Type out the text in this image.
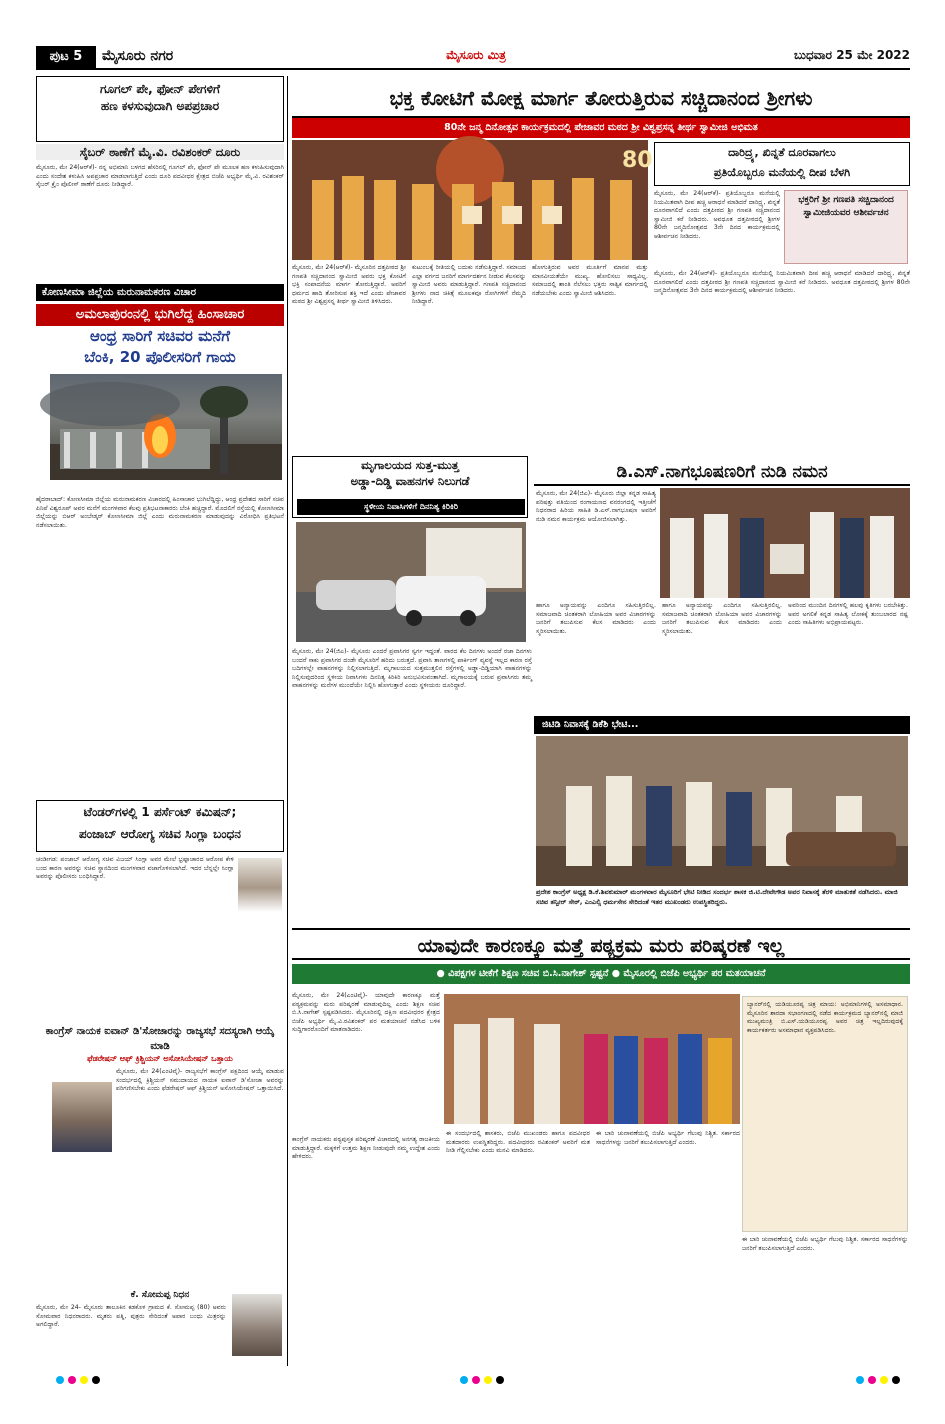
ಪುಟ 5	ಮೈಸೂರು ನಗರ	ಮೈಸೂರು ಮಿತ್ರ	ಬುಧವಾರ 25 ಮೇ 2022
ಗೂಗಲ್ ಪೇ, ಫೋನ್ ಪೇಗಳಿಗೆ
ಹಣ ಕಳಸುವುದಾಗಿ ಅಪಪ್ರಚಾರ
ಸೈಬರ್ ಠಾಣೆಗೆ ಮೈ.ವಿ. ರವಿಶಂಕರ್ ದೂರು
ಮೈಸೂರು, ಮೇ 24(ಆರ್‌ಕೆ)- ನನ್ನ ಅಭಿಮಾನಿ ಬಳಗದ ಹೆಸರಿನಲ್ಲಿ ಗೂಗಲ್ ಪೇ, ಫೋನ್ ಪೇ ಮೂಲಕ ಹಣ ಕಳುಹಿಸುವುದಾಗಿ ಎಂದು ಸಂದೇಶ ಕಳುಹಿಸಿ ಅಪಪ್ರಚಾರ ಮಾಡಲಾಗುತ್ತಿದೆ ಎಂದು ದೂರಿ ಪದವೀಧರ ಕ್ಷೇತ್ರದ ಬಿಜೆಪಿ ಅಭ್ಯರ್ಥಿ ಮೈ.ವಿ. ರವಿಶಂಕರ್ ಸೈಬರ್ ಕ್ರೈಂ ಪೊಲೀಸ್ ಠಾಣೆಗೆ ದೂರು ನೀಡಿದ್ದಾರೆ.
ಕೋಣಸೀಮಾ ಜಿಲ್ಲೆಯ ಮರುನಾಮಕರಣ ವಿಚಾರ
ಅಮಲಾಪುರಂನಲ್ಲಿ ಭುಗಿಲೆದ್ದ ಹಿಂಸಾಚಾರ
ಆಂಧ್ರ ಸಾರಿಗೆ ಸಚಿವರ ಮನೆಗೆ
ಬೆಂಕಿ, 20 ಪೊಲೀಸರಿಗೆ ಗಾಯ
ಹೈದರಾಬಾದ್: ಕೋಣಸೀಮಾ ಜಿಲ್ಲೆಯ ಮರುನಾಮಕರಣ ವಿಚಾರದಲ್ಲಿ ಹಿಂಸಾಚಾರ ಭುಗಿಲೆದ್ದಿದ್ದು, ಆಂಧ್ರ ಪ್ರದೇಶದ ಸಾರಿಗೆ ಸಚಿವ ಪಿನಿಪೆ ವಿಶ್ವರೂಪ್ ಅವರ ಮನೆಗೆ ಮಂಗಳವಾರ ಕೆಲವು ಪ್ರತಿಭಟನಾಕಾರರು ಬೆಂಕಿ ಹಚ್ಚಿದ್ದಾರೆ. ಮೊದಲಿಗೆ ರಸ್ತೆಯಲ್ಲಿ ಕೋಣಸೀಮಾ ಜಿಲ್ಲೆಯನ್ನು ಬಿಆರ್ ಅಂಬೇಡ್ಕರ್ ಕೋಣಸೀಮಾ ಜಿಲ್ಲೆ ಎಂದು ಮರುನಾಮಕರಣ ಮಾಡುವುದನ್ನು ವಿರೋಧಿಸಿ ಪ್ರತಿಭಟನೆ ನಡೆಸಲಾಯಿತು.
ಟೆಂಡರ್‌ಗಳಲ್ಲಿ 1 ಪರ್ಸೆಂಟ್ ಕಮಿಷನ್;
ಪಂಜಾಬ್ ಆರೋಗ್ಯ ಸಚಿವ ಸಿಂಗ್ಲಾ ಬಂಧನ
ಚಂಡೀಗಡ: ಪಂಜಾಬ್ ಆರೋಗ್ಯ ಸಚಿವ ವಿಜಯ್ ಸಿಂಗ್ಲಾ ಅವರ ಮೇಲೆ ಭ್ರಷ್ಟಾಚಾರದ ಆರೋಪ ಕೇಳಿ ಬಂದ ಕಾರಣ ಅವರನ್ನು ಸಚಿವ ಸ್ಥಾನದಿಂದ ಮಂಗಳವಾರ ವಜಾಗೊಳಿಸಲಾಗಿದೆ. ಇದರ ಬೆನ್ನಲ್ಲೇ ಸಿಂಗ್ಲಾ ಅವರನ್ನು ಪೊಲೀಸರು ಬಂಧಿಸಿದ್ದಾರೆ.
ಕಾಂಗ್ರೆಸ್ ನಾಯಕ ಐವಾನ್ ಡಿ'ಸೋಜಾರನ್ನು ರಾಜ್ಯಸಭೆ ಸದಸ್ಯರಾಗಿ ಆಯ್ಕೆ ಮಾಡಿ
ಫೆಡರೇಷನ್ ಆಫ್ ಕ್ರಿಶ್ಚಿಯನ್ ಅಸೋಸಿಯೇಷನ್ ಒತ್ತಾಯ
ಮೈಸೂರು, ಮೇ 24(ಎಂಟಿವೈ)- ರಾಜ್ಯಸಭೆಗೆ ಕಾಂಗ್ರೆಸ್ ಪಕ್ಷದಿಂದ ಆಯ್ಕೆ ಮಾಡುವ ಸಂದರ್ಭದಲ್ಲಿ ಕ್ರಿಶ್ಚಿಯನ್ ಸಮುದಾಯದ ನಾಯಕ ಐವಾನ್ ಡಿ'ಸೋಜಾ ಅವರನ್ನು ಪರಿಗಣಿಸಬೇಕು ಎಂದು ಫೆಡರೇಷನ್ ಆಫ್ ಕ್ರಿಶ್ಚಿಯನ್ ಅಸೋಸಿಯೇಷನ್ ಒತ್ತಾಯಿಸಿದೆ.
ಕೆ. ಸೋಮಪ್ಪ ನಿಧನ
ಮೈಸೂರು, ಮೇ 24- ಮೈಸೂರು ತಾಲೂಕಿನ ಕಡಕೊಳ ಗ್ರಾಮದ ಕೆ. ಸೋಮಪ್ಪ (80) ಅವರು ಸೋಮವಾರ ನಿಧನರಾದರು. ಮೃತರು ಪತ್ನಿ, ಪುತ್ರರು ಸೇರಿದಂತೆ ಅಪಾರ ಬಂಧು ಮಿತ್ರರನ್ನು ಅಗಲಿದ್ದಾರೆ.
ಭಕ್ತ ಕೋಟಿಗೆ ಮೋಕ್ಷ ಮಾರ್ಗ ತೋರುತ್ತಿರುವ ಸಚ್ಚಿದಾನಂದ ಶ್ರೀಗಳು
80ನೇ ಜನ್ಮ ದಿನೋತ್ಸವ ಕಾರ್ಯಕ್ರಮದಲ್ಲಿ ಪೇಜಾವರ ಮಠದ ಶ್ರೀ ವಿಶ್ವಪ್ರಸನ್ನ ತೀರ್ಥ ಸ್ವಾಮೀಜಿ ಅಭಿಮತ
80
ಮೈಸೂರು, ಮೇ 24(ಆರ್‌ಕೆ)- ಮೈಸೂರಿನ ದತ್ತಪೀಠದ ಶ್ರೀ ಗಣಪತಿ ಸಚ್ಚಿದಾನಂದ ಸ್ವಾಮೀಜಿ ಅವರು ಭಕ್ತ ಕೋಟಿಗೆ ಭಕ್ತಿ ಸಂಪಾದನೆಯ ಮಾರ್ಗ ತೋರುತ್ತಿದ್ದಾರೆ. ಅವರಿಗೆ ಧರ್ಮದ ಹಾದಿ ತೋರಿಸುವ ಶಕ್ತಿ ಇದೆ ಎಂದು ಪೇಜಾವರ ಮಠದ ಶ್ರೀ ವಿಶ್ವಪ್ರಸನ್ನ ತೀರ್ಥ ಸ್ವಾಮೀಜಿ ತಿಳಿಸಿದರು.
ಕುಟುಂಬಕ್ಕೆ ರೀತಿಯಲ್ಲಿ ಬದುಕು ನಡೆಸುತ್ತಿದ್ದಾರೆ. ಸಮಾಜದ ಎಲ್ಲಾ ವರ್ಗದ ಜನರಿಗೆ ಮಾರ್ಗದರ್ಶನ ನೀಡುವ ಕೆಲಸವನ್ನು ಸ್ವಾಮೀಜಿ ಅವರು ಮಾಡುತ್ತಿದ್ದಾರೆ. ಗಣಪತಿ ಸಚ್ಚಿದಾನಂದ ಶ್ರೀಗಳು ನಾದ ಚಿಕಿತ್ಸೆ ಮೂಲಕವೂ ರೋಗಿಗಳಿಗೆ ನೆಮ್ಮದಿ ನೀಡಿದ್ದಾರೆ.
ಹೋಗುತ್ತಿರುವ ಅವರ ಮೂರ್ತಿಗೆ ಮಾನವ ಮತ್ತು ಮಾನವೀಯತೆಯೇ ಮುಖ್ಯ. ಹೋಲಿಸಲು ಸಾಧ್ಯವಿಲ್ಲ. ಸಮಾಜದಲ್ಲಿ ಶಾಂತಿ ನೆಲೆಸಲು ಭಕ್ತರು ಸಾತ್ವಿಕ ಮಾರ್ಗದಲ್ಲಿ ನಡೆಯಬೇಕು ಎಂದು ಸ್ವಾಮೀಜಿ ಆಶಿಸಿದರು.
ದಾರಿದ್ರ್ಯ, ಖಿನ್ನತೆ ದೂರವಾಗಲು
ಪ್ರತಿಯೊಬ್ಬರೂ ಮನೆಯಲ್ಲಿ ದೀಪ ಬೆಳಗಿ
ಭಕ್ತರಿಗೆ ಶ್ರೀ ಗಣಪತಿ ಸಚ್ಚಿದಾನಂದ ಸ್ವಾಮೀಜಿಯವರ ಆಶೀರ್ವಚನ
ಮೈಸೂರು, ಮೇ 24(ಆರ್‌ಕೆ)- ಪ್ರತಿಯೊಬ್ಬರೂ ಮನೆಯಲ್ಲಿ ನಿಯಮಿತವಾಗಿ ದೀಪ ಹಚ್ಚಿ ಆರಾಧನೆ ಮಾಡಿದರೆ ದಾರಿದ್ರ್ಯ, ಖಿನ್ನತೆ ದೂರವಾಗಲಿದೆ ಎಂದು ದತ್ತಪೀಠದ ಶ್ರೀ ಗಣಪತಿ ಸಚ್ಚಿದಾನಂದ ಸ್ವಾಮೀಜಿ ಕರೆ ನೀಡಿದರು. ಅವಧೂತ ದತ್ತಪೀಠದಲ್ಲಿ ಶ್ರೀಗಳ 80ನೇ ಜನ್ಮದಿನೋತ್ಸವದ 3ನೇ ದಿನದ ಕಾರ್ಯಕ್ರಮದಲ್ಲಿ ಆಶೀರ್ವಚನ ನೀಡಿದರು.
ಮೈಸೂರು, ಮೇ 24(ಆರ್‌ಕೆ)- ಪ್ರತಿಯೊಬ್ಬರೂ ಮನೆಯಲ್ಲಿ ನಿಯಮಿತವಾಗಿ ದೀಪ ಹಚ್ಚಿ ಆರಾಧನೆ ಮಾಡಿದರೆ ದಾರಿದ್ರ್ಯ, ಖಿನ್ನತೆ ದೂರವಾಗಲಿದೆ ಎಂದು ದತ್ತಪೀಠದ ಶ್ರೀ ಗಣಪತಿ ಸಚ್ಚಿದಾನಂದ ಸ್ವಾಮೀಜಿ ಕರೆ ನೀಡಿದರು. ಅವಧೂತ ದತ್ತಪೀಠದಲ್ಲಿ ಶ್ರೀಗಳ 80ನೇ ಜನ್ಮದಿನೋತ್ಸವದ 3ನೇ ದಿನದ ಕಾರ್ಯಕ್ರಮದಲ್ಲಿ ಆಶೀರ್ವಚನ ನೀಡಿದರು.
ಮೃಗಾಲಯದ ಸುತ್ತ-ಮುತ್ತ
ಅಡ್ಡಾ-ದಿಡ್ಡಿ ವಾಹನಗಳ ನಿಲುಗಡೆ
ಸ್ಥಳೀಯ ನಿವಾಸಿಗಳಿಗೆ ದಿನನಿತ್ಯ ಕಿರಿಕಿರಿ
ಮೈಸೂರು, ಮೇ 24(ಜಿಎ)- ಮೈಸೂರು ಎಂದರೆ ಪ್ರವಾಸಿಗರ ಸ್ವರ್ಗ ಇದ್ದಂತೆ. ವಾರದ ಕೆಲ ದಿನಗಳು ಅಂದರೆ ರಜಾ ದಿನಗಳು ಬಂದರೆ ಸಾಕು ಪ್ರವಾಸಿಗರ ದಂಡೇ ಮೈಸೂರಿಗೆ ಹರಿದು ಬರುತ್ತದೆ. ಪ್ರವಾಸಿ ತಾಣಗಳಲ್ಲಿ ಪಾರ್ಕಿಂಗ್ ವ್ಯವಸ್ಥೆ ಇಲ್ಲದ ಕಾರಣ ರಸ್ತೆ ಬದಿಗಳಲ್ಲೇ ವಾಹನಗಳನ್ನು ನಿಲ್ಲಿಸಲಾಗುತ್ತಿದೆ. ಮೃಗಾಲಯದ ಸುತ್ತಮುತ್ತಲಿನ ರಸ್ತೆಗಳಲ್ಲಿ ಅಡ್ಡಾ-ದಿಡ್ಡಿಯಾಗಿ ವಾಹನಗಳನ್ನು ನಿಲ್ಲಿಸುವುದರಿಂದ ಸ್ಥಳೀಯ ನಿವಾಸಿಗಳು ದಿನನಿತ್ಯ ಕಿರಿಕಿರಿ ಅನುಭವಿಸುವಂತಾಗಿದೆ. ಮೃಗಾಲಯಕ್ಕೆ ಬರುವ ಪ್ರವಾಸಿಗರು ತಮ್ಮ ವಾಹನಗಳನ್ನು ಮನೆಗಳ ಮುಂದೆಯೇ ನಿಲ್ಲಿಸಿ ಹೋಗುತ್ತಾರೆ ಎಂದು ಸ್ಥಳೀಯರು ದೂರಿದ್ದಾರೆ.
ಡಿ.ಎಸ್.ನಾಗಭೂಷಣರಿಗೆ ನುಡಿ ನಮನ
ಮೈಸೂರು, ಮೇ 24(ಜಿಎ)- ಮೈಸೂರು ಜಿಲ್ಲಾ ಕನ್ನಡ ಸಾಹಿತ್ಯ ಪರಿಷತ್ತು ವತಿಯಿಂದ ರಂಗಾಯಣದ ವನರಂಗದಲ್ಲಿ ಇತ್ತೀಚೆಗೆ ನಿಧನರಾದ ಹಿರಿಯ ಸಾಹಿತಿ ಡಿ.ಎಸ್.ನಾಗಭೂಷಣ ಅವರಿಗೆ ನುಡಿ ನಮನ ಕಾರ್ಯಕ್ರಮ ಆಯೋಜಿಸಲಾಗಿತ್ತು.
ಹಾಗೂ ಅನ್ಯಾಯವನ್ನು ಎಂದಿಗೂ ಸಹಿಸುತ್ತಿರಲಿಲ್ಲ. ಸಮಾಜವಾದಿ ಚಿಂತಕರಾಗಿ ಲೋಹಿಯಾ ಅವರ ವಿಚಾರಗಳನ್ನು ಜನರಿಗೆ ತಲುಪಿಸುವ ಕೆಲಸ ಮಾಡಿದರು ಎಂದು ಸ್ಮರಿಸಲಾಯಿತು.
ಹಾಗೂ ಅನ್ಯಾಯವನ್ನು ಎಂದಿಗೂ ಸಹಿಸುತ್ತಿರಲಿಲ್ಲ. ಸಮಾಜವಾದಿ ಚಿಂತಕರಾಗಿ ಲೋಹಿಯಾ ಅವರ ವಿಚಾರಗಳನ್ನು ಜನರಿಗೆ ತಲುಪಿಸುವ ಕೆಲಸ ಮಾಡಿದರು ಎಂದು ಸ್ಮರಿಸಲಾಯಿತು.
ಅವರಿಂದ ಮುಂದಿನ ದಿನಗಳಲ್ಲಿ ಹಲವು ಕೃತಿಗಳು ಬರಬೇಕಿತ್ತು. ಅವರ ಅಗಲಿಕೆ ಕನ್ನಡ ಸಾಹಿತ್ಯ ಲೋಕಕ್ಕೆ ತುಂಬಲಾರದ ನಷ್ಟ ಎಂದು ಸಾಹಿತಿಗಳು ಅಭಿಪ್ರಾಯಪಟ್ಟರು.
ಜಿಟಿಡಿ ನಿವಾಸಕ್ಕೆ ಡಿಕೆಶಿ ಭೇಟಿ...
ಪ್ರದೇಶ ಕಾಂಗ್ರೆಸ್ ಅಧ್ಯಕ್ಷ ಡಿ.ಕೆ.ಶಿವಕುಮಾರ್ ಮಂಗಳವಾರ ಮೈಸೂರಿಗೆ ಭೇಟಿ ನೀಡಿದ ಸಂದರ್ಭ ಶಾಸಕ ಜಿ.ಟಿ.ದೇವೇಗೌಡ ಅವರ ನಿವಾಸಕ್ಕೆ ತೆರಳಿ ಮಾತುಕತೆ ನಡೆಸಿದರು. ಮಾಜಿ ಸಚಿವ ತನ್ವೀರ್ ಸೇಠ್, ಎಂಎಲ್ಸಿ ಧರ್ಮಸೇನ ಸೇರಿದಂತೆ ಇತರ ಮುಖಂಡರು ಉಪಸ್ಥಿತರಿದ್ದರು.
ಯಾವುದೇ ಕಾರಣಕ್ಕೂ ಮತ್ತೆ ಪಠ್ಯಕ್ರಮ ಮರು ಪರಿಷ್ಕರಣೆ ಇಲ್ಲ
● ವಿಪಕ್ಷಗಳ ಟೀಕೆಗೆ ಶಿಕ್ಷಣ ಸಚಿವ ಬಿ.ಸಿ.ನಾಗೇಶ್ ಸ್ಪಷ್ಟನೆ ● ಮೈಸೂರಲ್ಲಿ ಬಿಜೆಪಿ ಅಭ್ಯರ್ಥಿ ಪರ ಮತಯಾಚನೆ
ಮೈಸೂರು, ಮೇ 24(ಎಂಟಿವೈ)- ಯಾವುದೇ ಕಾರಣಕ್ಕೂ ಮತ್ತೆ ಪಠ್ಯಕ್ರಮವನ್ನು ಮರು ಪರಿಷ್ಕರಣೆ ಮಾಡುವುದಿಲ್ಲ ಎಂದು ಶಿಕ್ಷಣ ಸಚಿವ ಬಿ.ಸಿ.ನಾಗೇಶ್ ಸ್ಪಷ್ಟಪಡಿಸಿದರು. ಮೈಸೂರಿನಲ್ಲಿ ದಕ್ಷಿಣ ಪದವೀಧರರ ಕ್ಷೇತ್ರದ ಬಿಜೆಪಿ ಅಭ್ಯರ್ಥಿ ಮೈ.ವಿ.ರವಿಶಂಕರ್ ಪರ ಮತಯಾಚನೆ ನಡೆಸಿದ ಬಳಿಕ ಸುದ್ದಿಗಾರರೊಂದಿಗೆ ಮಾತನಾಡಿದರು.
ಕಾಂಗ್ರೆಸ್ ನಾಯಕರು ಪಠ್ಯಪುಸ್ತಕ ಪರಿಷ್ಕರಣೆ ವಿಚಾರದಲ್ಲಿ ಅನಗತ್ಯ ರಾಜಕೀಯ ಮಾಡುತ್ತಿದ್ದಾರೆ. ಮಕ್ಕಳಿಗೆ ಉತ್ತಮ ಶಿಕ್ಷಣ ನೀಡುವುದೇ ನಮ್ಮ ಉದ್ದೇಶ ಎಂದು ಹೇಳಿದರು.
ಈ ಸಂದರ್ಭದಲ್ಲಿ ಶಾಸಕರು, ಬಿಜೆಪಿ ಮುಖಂಡರು ಹಾಗೂ ಪದವೀಧರ ಮತದಾರರು ಉಪಸ್ಥಿತರಿದ್ದರು. ಪದವೀಧರರು ರವಿಶಂಕರ್ ಅವರಿಗೆ ಮತ ನೀಡಿ ಗೆಲ್ಲಿಸಬೇಕು ಎಂದು ಮನವಿ ಮಾಡಿದರು.
ಈ ಬಾರಿ ಚುನಾವಣೆಯಲ್ಲಿ ಬಿಜೆಪಿ ಅಭ್ಯರ್ಥಿ ಗೆಲುವು ನಿಶ್ಚಿತ. ಸರ್ಕಾರದ ಸಾಧನೆಗಳನ್ನು ಜನರಿಗೆ ತಲುಪಿಸಲಾಗುತ್ತಿದೆ ಎಂದರು.
ಬ್ಯಾನರ್‌ನಲ್ಲಿ ಯಡಿಯೂರಪ್ಪ ಚಿತ್ರ ಮಾಯ: ಅಭಿಮಾನಿಗಳಲ್ಲಿ ಅಸಮಾಧಾನ. ಮೈಸೂರಿನ ಶಾರದಾ ಸಭಾಂಗಣದಲ್ಲಿ ನಡೆದ ಕಾರ್ಯಕ್ರಮದ ಬ್ಯಾನರ್‌ನಲ್ಲಿ ಮಾಜಿ ಮುಖ್ಯಮಂತ್ರಿ ಬಿ.ಎಸ್.ಯಡಿಯೂರಪ್ಪ ಅವರ ಚಿತ್ರ ಇಲ್ಲದಿರುವುದಕ್ಕೆ ಕಾರ್ಯಕರ್ತರು ಅಸಮಾಧಾನ ವ್ಯಕ್ತಪಡಿಸಿದರು.
ಈ ಬಾರಿ ಚುನಾವಣೆಯಲ್ಲಿ ಬಿಜೆಪಿ ಅಭ್ಯರ್ಥಿ ಗೆಲುವು ನಿಶ್ಚಿತ. ಸರ್ಕಾರದ ಸಾಧನೆಗಳನ್ನು ಜನರಿಗೆ ತಲುಪಿಸಲಾಗುತ್ತಿದೆ ಎಂದರು.
